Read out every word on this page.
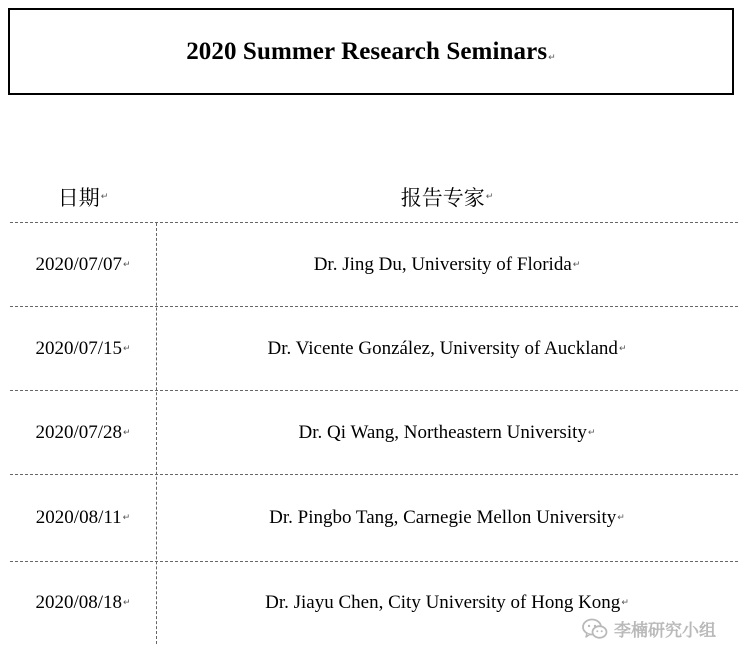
2020 Summer Research Seminars↵
日期 ↵	报告专家 ↵
2020/07/07 ↵	Dr. Jing Du, University of Florida ↵
2020/07/15 ↵	Dr. Vicente González, University of Auckland ↵
2020/07/28 ↵	Dr. Qi Wang, Northeastern University ↵
2020/08/11 ↵	Dr. Pingbo Tang, Carnegie Mellon University ↵
2020/08/18 ↵	Dr. Jiayu Chen, City University of Hong Kong ↵
李楠研究小组
